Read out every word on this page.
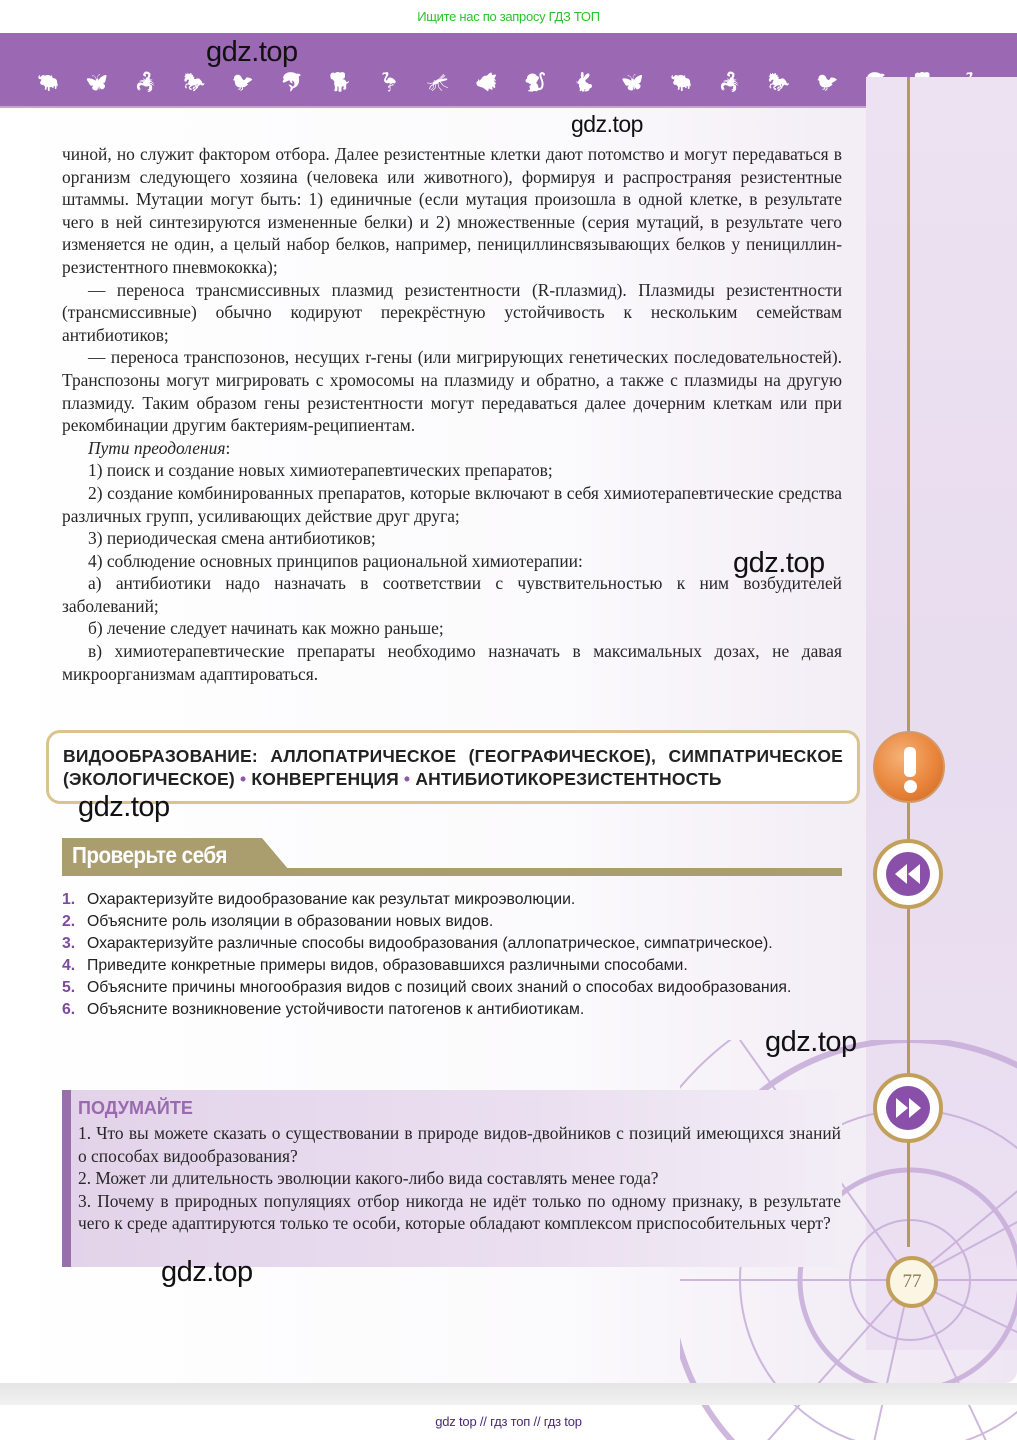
Ищите нас по запросу ГДЗ ТОП
🐃	🦋	🦂	🐎	🐦	🐬	🐕	🦩	🦟	🐗	🐒	🐇	🦋	🐃	🦂	🐎	🐦
gdz.top
gdz.top

чиной, но служит фактором отбора. Далее резистентные клетки дают потомство и могут передаваться в организм следующего хозяина (человека или животного), формируя и распространяя резистентные штаммы. Мутации могут быть: 1) единичные (если мутация произошла в одной клетке, в результате чего в ней синтезируются измененные белки) и 2) множественные (серия мутаций, в результате чего изменяется не один, а целый набор белков, например, пенициллинсвязывающих белков у пенициллин-резистентного пневмококка);

— переноса трансмиссивных плазмид резистентности (R-плазмид). Плазмиды резистентности (трансмиссивные) обычно кодируют перекрёстную устойчивость к нескольким семействам антибиотиков;

— переноса транспозонов, несущих r-гены (или мигрирующих генетических последовательностей). Транспозоны могут мигрировать с хромосомы на плазмиду и обратно, а также с плазмиды на другую плазмиду. Таким образом гены резистентности могут передаваться далее дочерним клеткам или при рекомбинации другим бактериям-реципиентам.

Пути преодоления:

1) поиск и создание новых химиотерапевтических препаратов;

2) создание комбинированных препаратов, которые включают в себя химиотерапевтические средства различных групп, усиливающих действие друг друга;

3) периодическая смена антибиотиков;

4) соблюдение основных принципов рациональной химиотерапии:

а) антибиотики надо назначать в соответствии с чувствительностью к ним возбудителей заболеваний;

б) лечение следует начинать как можно раньше;

в) химиотерапевтические препараты необходимо назначать в максимальных дозах, не давая микроорганизмам адаптироваться.

gdz.top
ВИДООБРАЗОВАНИЕ: АЛЛОПАТРИЧЕСКОЕ (ГЕОГРАФИЧЕСКОЕ), СИМПАТРИЧЕСКОЕ (ЭКОЛОГИЧЕСКОЕ) • КОНВЕРГЕНЦИЯ • АНТИБИОТИКОРЕЗИСТЕНТНОСТЬ
gdz.top
Проверьте себя
1. Охарактеризуйте видообразование как результат микроэволюции.
2. Объясните роль изоляции в образовании новых видов.
3. Охарактеризуйте различные способы видообразования (аллопатрическое, симпатрическое).
4. Приведите конкретные примеры видов, образовавшихся различными способами.
5. Объясните причины многообразия видов с позиций своих знаний о способах видообразования.
6. Объясните возникновение устойчивости патогенов к антибиотикам.
gdz.top
ПОДУМАЙТЕ
1. Что вы можете сказать о существовании в природе видов-двойников с позиций имеющихся знаний о способах видообразования?
2. Может ли длительность эволюции какого-либо вида составлять менее года?
3. Почему в природных популяциях отбор никогда не идёт только по одному признаку, в результате чего к среде адаптируются только те особи, которые обладают комплексом приспособительных черт?
gdz.top	77
gdz top // гдз топ // гдз top
